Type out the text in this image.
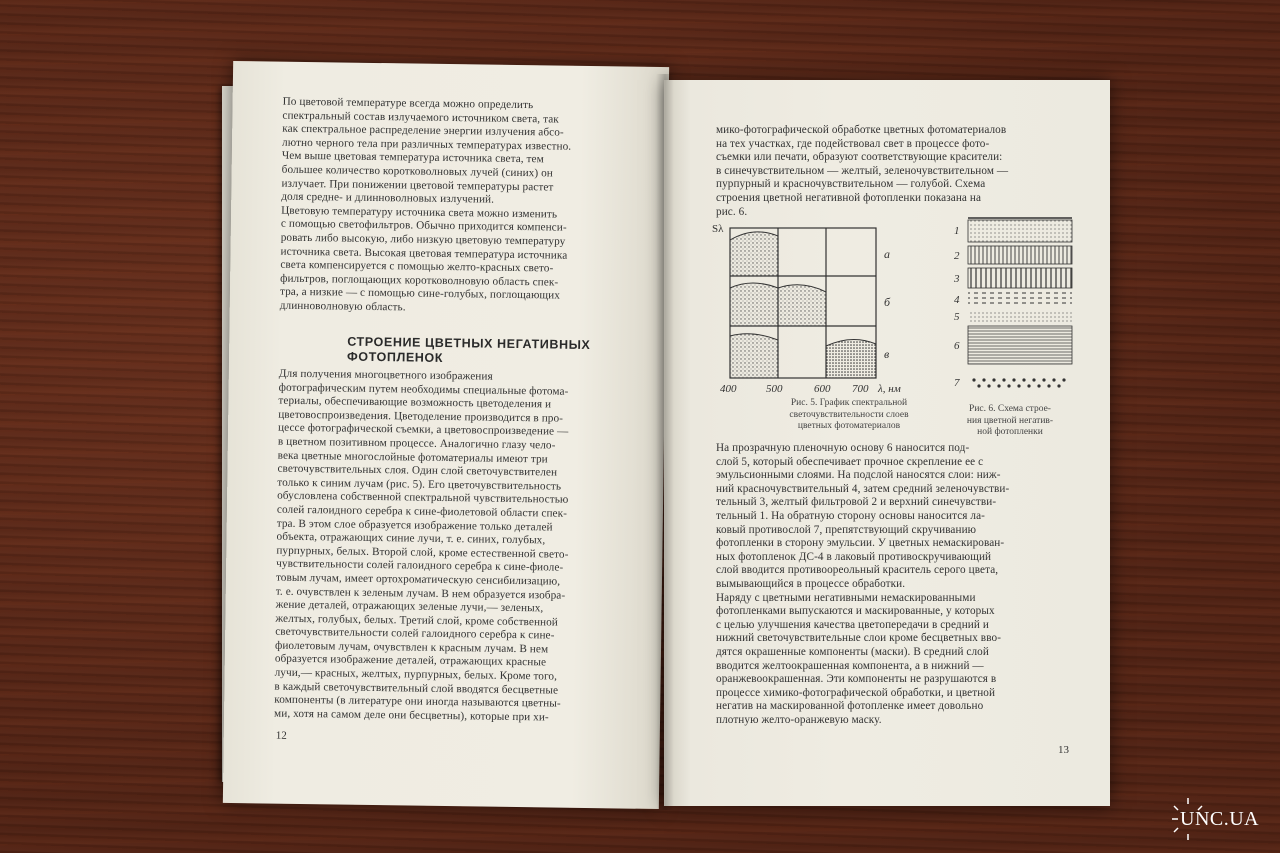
По цветовой температуре всегда можно определить
спектральный состав излучаемого источником света, так
как спектральное распределение энергии излучения абсо-
лютно черного тела при различных температурах известно.
Чем выше цветовая температура источника света, тем
большее количество коротковолновых лучей (синих) он
излучает. При понижении цветовой температуры растет
доля средне- и длинноволновых излучений.
Цветовую температуру источника света можно изменить
с помощью светофильтров. Обычно приходится компенси-
ровать либо высокую, либо низкую цветовую температуру
источника света. Высокая цветовая температура источника
света компенсируется с помощью желто-красных свето-
фильтров, поглощающих коротковолновую область спек-
тра, а низкие — с помощью сине-голубых, поглощающих
длинноволновую область.
СТРОЕНИЕ ЦВЕТНЫХ НЕГАТИВНЫХ
ФОТОПЛЕНОК
Для получения многоцветного изображения
фотографическим путем необходимы специальные фотома-
териалы, обеспечивающие возможность цветоделения и
цветовоспроизведения. Цветоделение производится в про-
цессе фотографической съемки, а цветовоспроизведение —
в цветном позитивном процессе. Аналогично глазу чело-
века цветные многослойные фотоматериалы имеют три
светочувствительных слоя. Один слой светочувствителен
только к синим лучам (рис. 5). Его цветочувствительность
обусловлена собственной спектральной чувствительностью
солей галоидного серебра к сине-фиолетовой области спек-
тра. В этом слое образуется изображение только деталей
объекта, отражающих синие лучи, т. е. синих, голубых,
пурпурных, белых. Второй слой, кроме естественной свето-
чувствительности солей галоидного серебра к сине-фиоле-
товым лучам, имеет ортохроматическую сенсибилизацию,
т. е. очувствлен к зеленым лучам. В нем образуется изобра-
жение деталей, отражающих зеленые лучи,— зеленых,
желтых, голубых, белых. Третий слой, кроме собственной
светочувствительности солей галоидного серебра к сине-
фиолетовым лучам, очувствлен к красным лучам. В нем
образуется изображение деталей, отражающих красные
лучи,— красных, желтых, пурпурных, белых. Кроме того,
в каждый светочувствительный слой вводятся бесцветные
компоненты (в литературе они иногда называются цветны-
ми, хотя на самом деле они бесцветны), которые при хи-
12
мико-фотографической обработке цветных фотоматериалов
на тех участках, где подействовал свет в процессе фото-
съемки или печати, образуют соответствующие красители:
в синечувствительном — желтый, зеленочувствительном —
пурпурный и красночувствительном — голубой. Схема
строения цветной негативной фотопленки показана на
рис. 6.
Sλ
а
б
в
400	500	600 700 λ, нм
Рис. 5. График спектральной
светочувствительности слоев
цветных фотоматериалов
1
2
3
4
5
6
7
Рис. 6. Схема строе-
ния цветной негатив-
ной фотопленки
На прозрачную пленочную основу 6 наносится под-
слой 5, который обеспечивает прочное скрепление ее с
эмульсионными слоями. На подслой наносятся слои: ниж-
ний красночувствительный 4, затем средний зеленочувстви-
тельный 3, желтый фильтровой 2 и верхний синечувстви-
тельный 1. На обратную сторону основы наносится ла-
ковый противослой 7, препятствующий скручиванию
фотопленки в сторону эмульсии. У цветных немаскирован-
ных фотопленок ДС-4 в лаковый противоскручивающий
слой вводится противоореольный краситель серого цвета,
вымывающийся в процессе обработки.
Наряду с цветными негативными немаскированными
фотопленками выпускаются и маскированные, у которых
с целью улучшения качества цветопередачи в средний и
нижний светочувствительные слои кроме бесцветных вво-
дятся окрашенные компоненты (маски). В средний слой
вводится желтоокрашенная компонента, а в нижний —
оранжевоокрашенная. Эти компоненты не разрушаются в
процессе химико-фотографической обработки, и цветной
негатив на маскированной фотопленке имеет довольно
плотную желто-оранжевую маску.
13
UNC.UA
